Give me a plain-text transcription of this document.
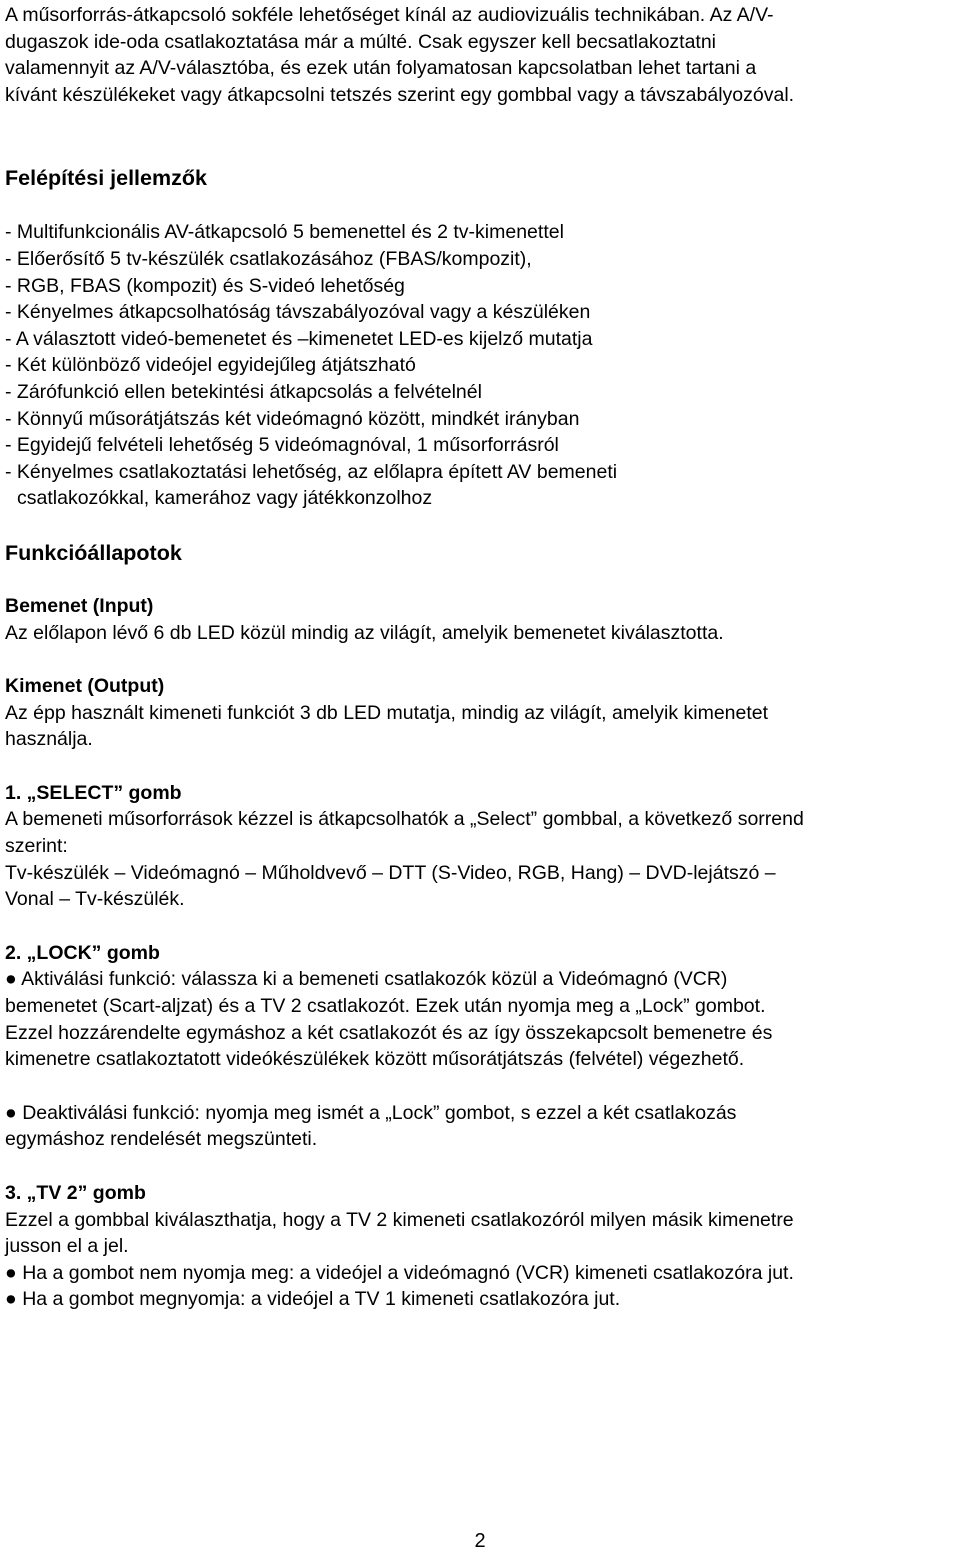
A műsorforrás-átkapcsoló sokféle lehetőséget kínál az audiovizuális technikában. Az A/V-
dugaszok ide-oda csatlakoztatása már a múlté. Csak egyszer kell becsatlakoztatni
valamennyit az A/V-választóba, és ezek után folyamatosan kapcsolatban lehet tartani a
kívánt készülékeket vagy átkapcsolni tetszés szerint egy gombbal vagy a távszabályozóval.
Felépítési jellemzők
- Multifunkcionális AV-átkapcsoló 5 bemenettel és 2 tv-kimenettel
- Előerősítő 5 tv-készülék csatlakozásához (FBAS/kompozit),
- RGB, FBAS (kompozit) és S-videó lehetőség
- Kényelmes átkapcsolhatóság távszabályozóval vagy a készüléken
- A választott videó-bemenetet és –kimenetet LED-es kijelző mutatja
- Két különböző videójel egyidejűleg átjátszható
- Zárófunkció ellen betekintési átkapcsolás a felvételnél
- Könnyű műsorátjátszás két videómagnó között, mindkét irányban
- Egyidejű felvételi lehetőség 5 videómagnóval, 1 műsorforrásról
- Kényelmes csatlakoztatási lehetőség, az előlapra épített AV bemeneti
csatlakozókkal, kamerához vagy játékkonzolhoz
Funkcióállapotok
Bemenet (Input)
Az előlapon lévő 6 db LED közül mindig az világít, amelyik bemenetet kiválasztotta.
Kimenet (Output)
Az épp használt kimeneti funkciót 3 db LED mutatja, mindig az világít, amelyik kimenetet
használja.
1. „SELECT” gomb
A bemeneti műsorforrások kézzel is átkapcsolhatók a „Select” gombbal, a következő sorrend
szerint:
Tv-készülék – Videómagnó – Műholdvevő – DTT (S-Video, RGB, Hang) – DVD-lejátszó –
Vonal – Tv-készülék.
2. „LOCK” gomb
● Aktiválási funkció: válassza ki a bemeneti csatlakozók közül a Videómagnó (VCR)
bemenetet (Scart-aljzat) és a TV 2 csatlakozót. Ezek után nyomja meg a „Lock” gombot.
Ezzel hozzárendelte egymáshoz a két csatlakozót és az így összekapcsolt bemenetre és
kimenetre csatlakoztatott videókészülékek között műsorátjátszás (felvétel) végezhető.
● Deaktiválási funkció: nyomja meg ismét a „Lock” gombot, s ezzel a két csatlakozás
egymáshoz rendelését megszünteti.
3. „TV 2” gomb
Ezzel a gombbal kiválaszthatja, hogy a TV 2 kimeneti csatlakozóról milyen másik kimenetre
jusson el a jel.
● Ha a gombot nem nyomja meg: a videójel a videómagnó (VCR) kimeneti csatlakozóra jut.
● Ha a gombot megnyomja: a videójel a TV 1 kimeneti csatlakozóra jut.
2
